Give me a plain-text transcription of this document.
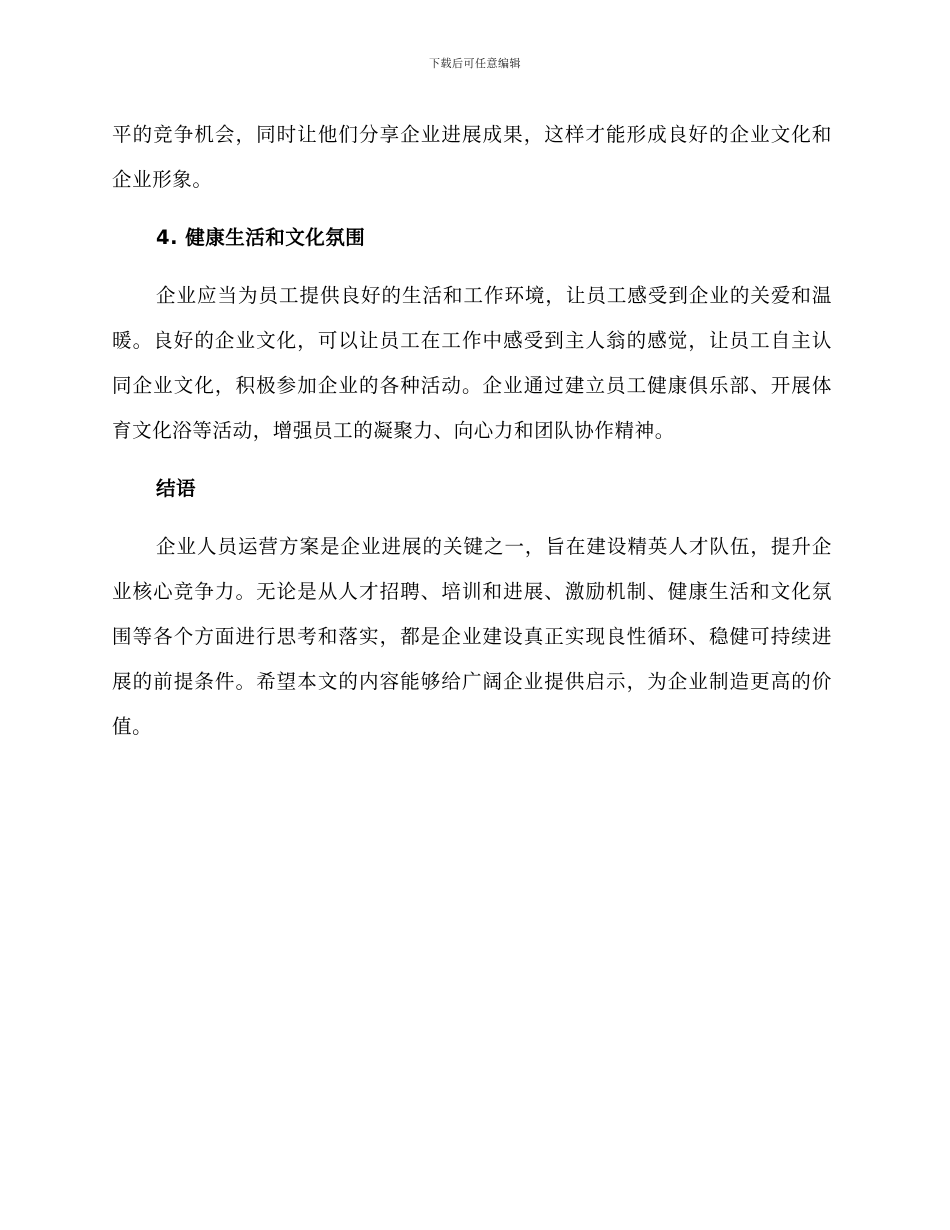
下载后可任意编辑

平的竞争机会，同时让他们分享企业进展成果，这样才能形成良好的企业文化和企业形象。

4. 健康生活和文化氛围

企业应当为员工提供良好的生活和工作环境，让员工感受到企业的关爱和温暖。良好的企业文化，可以让员工在工作中感受到主人翁的感觉，让员工自主认同企业文化，积极参加企业的各种活动。企业通过建立员工健康俱乐部、开展体育文化浴等活动，增强员工的凝聚力、向心力和团队协作精神。

结语

企业人员运营方案是企业进展的关键之一，旨在建设精英人才队伍，提升企业核心竞争力。无论是从人才招聘、培训和进展、激励机制、健康生活和文化氛围等各个方面进行思考和落实，都是企业建设真正实现良性循环、稳健可持续进展的前提条件。希望本文的内容能够给广阔企业提供启示，为企业制造更高的价值。
